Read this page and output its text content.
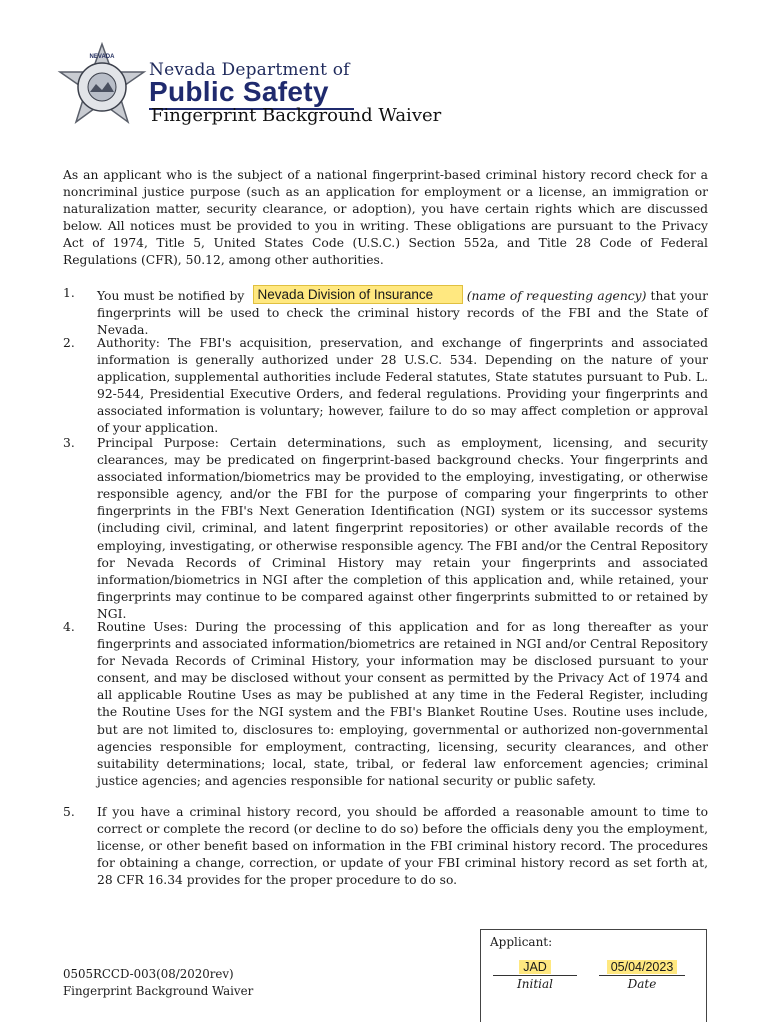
NEVADA
Nevada Department of
Public Safety
Fingerprint Background Waiver
As an applicant who is the subject of a national fingerprint-based criminal history record check for a noncriminal justice purpose (such as an application for employment or a license, an immigration or naturalization matter, security clearance, or adoption), you have certain rights which are discussed below. All notices must be provided to you in writing. These obligations are pursuant to the Privacy Act of 1974, Title 5, United States Code (U.S.C.) Section 552a, and Title 28 Code of Federal Regulations (CFR), 50.12, among other authorities.
1.	You must be notified by Nevada Division of Insurance	(name of requesting agency) that your fingerprints will be used to check the criminal history records of the FBI and the State of Nevada.
2.	Authority: The FBI's acquisition, preservation, and exchange of fingerprints and associated information is generally authorized under 28 U.S.C. 534. Depending on the nature of your application, supplemental authorities include Federal statutes, State statutes pursuant to Pub. L. 92-544, Presidential Executive Orders, and federal regulations. Providing your fingerprints and associated information is voluntary; however, failure to do so may affect completion or approval of your application.
3.	Principal Purpose: Certain determinations, such as employment, licensing, and security clearances, may be predicated on fingerprint-based background checks. Your fingerprints and associated information/biometrics may be provided to the employing, investigating, or otherwise responsible agency, and/or the FBI for the purpose of comparing your fingerprints to other fingerprints in the FBI's Next Generation Identification (NGI) system or its successor systems (including civil, criminal, and latent fingerprint repositories) or other available records of the employing, investigating, or otherwise responsible agency. The FBI and/or the Central Repository for Nevada Records of Criminal History may retain your fingerprints and associated information/biometrics in NGI after the completion of this application and, while retained, your fingerprints may continue to be compared against other fingerprints submitted to or retained by NGI.
4.	Routine Uses: During the processing of this application and for as long thereafter as your fingerprints and associated information/biometrics are retained in NGI and/or Central Repository for Nevada Records of Criminal History, your information may be disclosed pursuant to your consent, and may be disclosed without your consent as permitted by the Privacy Act of 1974 and all applicable Routine Uses as may be published at any time in the Federal Register, including the Routine Uses for the NGI system and the FBI's Blanket Routine Uses. Routine uses include, but are not limited to, disclosures to: employing, governmental or authorized non-governmental agencies responsible for employment, contracting, licensing, security clearances, and other suitability determinations; local, state, tribal, or federal law enforcement agencies; criminal justice agencies; and agencies responsible for national security or public safety.
5.	If you have a criminal history record, you should be afforded a reasonable amount to time to correct or complete the record (or decline to do so) before the officials deny you the employment, license, or other benefit based on information in the FBI criminal history record. The procedures for obtaining a change, correction, or update of your FBI criminal history record as set forth at, 28 CFR 16.34 provides for the proper procedure to do so.
Applicant:
JAD
Initial
05/04/2023
Date
0505RCCD-003(08/2020rev)
Fingerprint Background Waiver
